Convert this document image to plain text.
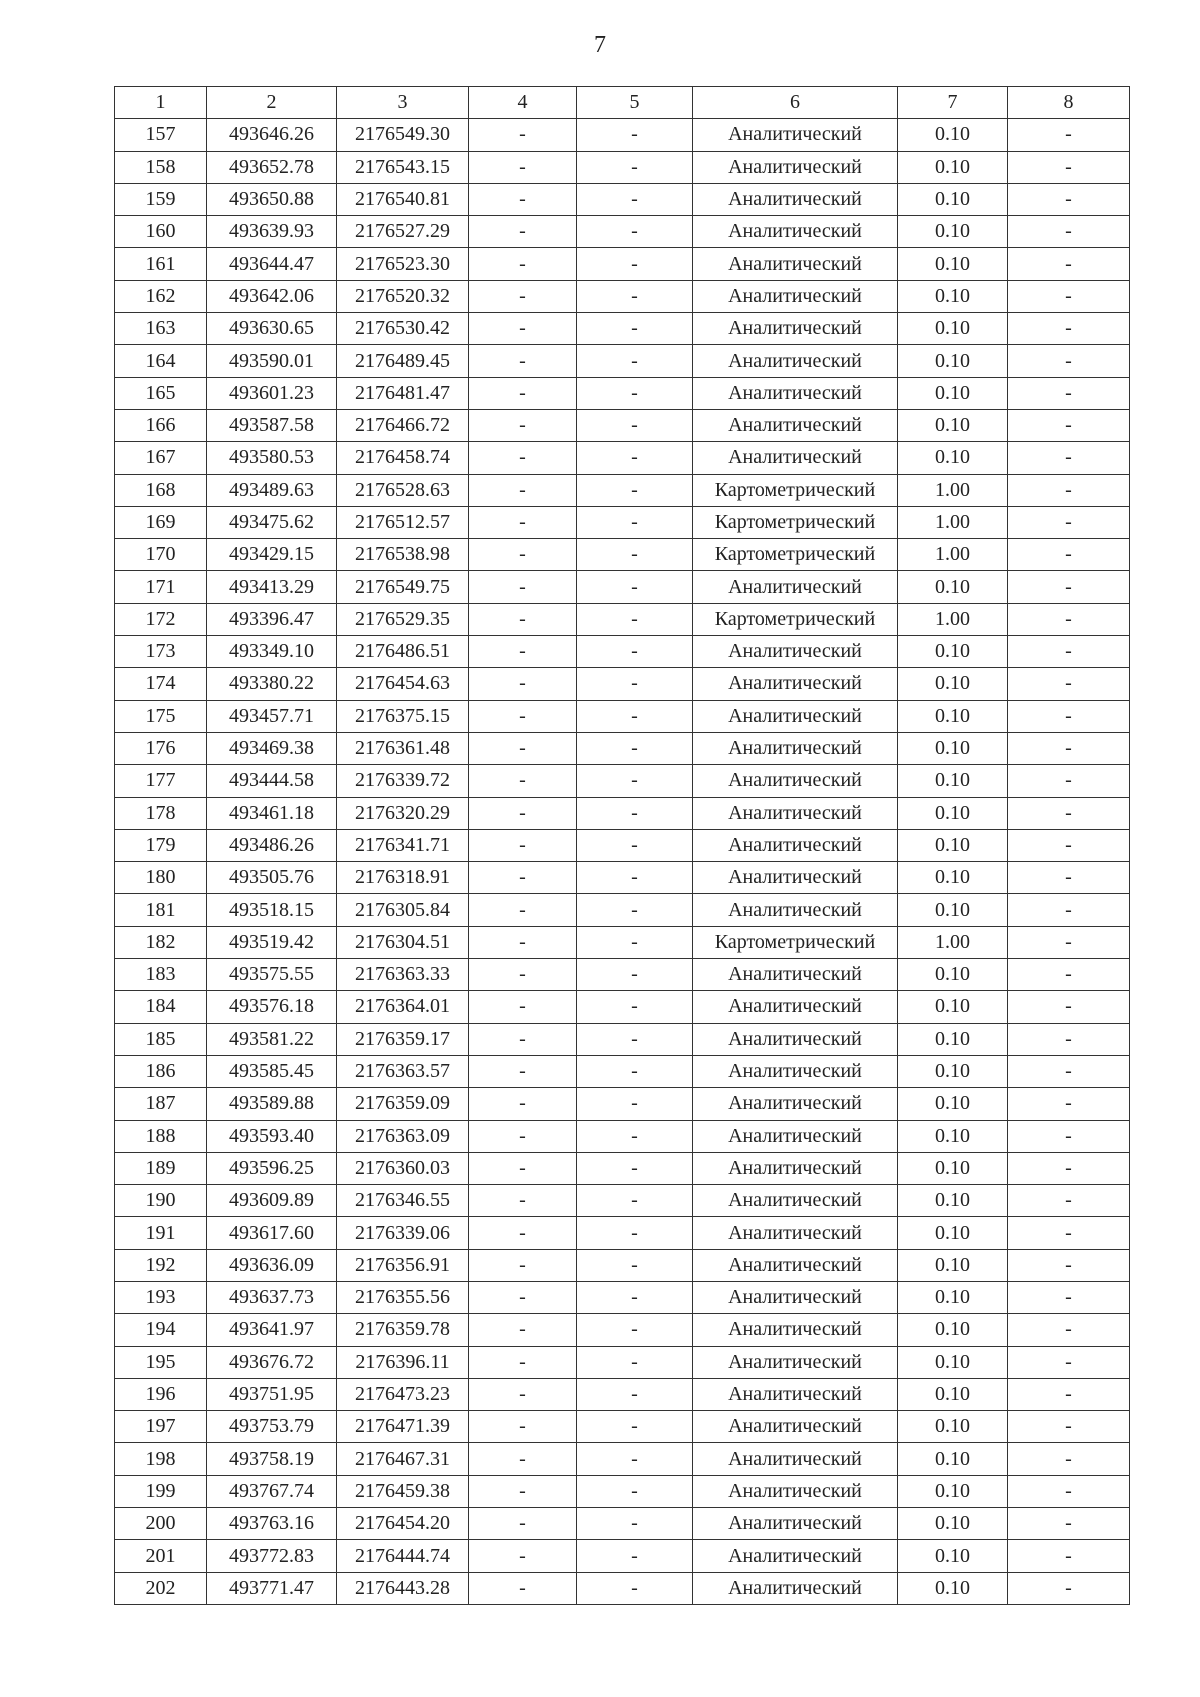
7
1	2	3	4	5	6	7	8
157	493646.26	2176549.30	-	-	Аналитический	0.10	-
158	493652.78	2176543.15	-	-	Аналитический	0.10	-
159	493650.88	2176540.81	-	-	Аналитический	0.10	-
160	493639.93	2176527.29	-	-	Аналитический	0.10	-
161	493644.47	2176523.30	-	-	Аналитический	0.10	-
162	493642.06	2176520.32	-	-	Аналитический	0.10	-
163	493630.65	2176530.42	-	-	Аналитический	0.10	-
164	493590.01	2176489.45	-	-	Аналитический	0.10	-
165	493601.23	2176481.47	-	-	Аналитический	0.10	-
166	493587.58	2176466.72	-	-	Аналитический	0.10	-
167	493580.53	2176458.74	-	-	Аналитический	0.10	-
168	493489.63	2176528.63	-	-	Картометрический	1.00	-
169	493475.62	2176512.57	-	-	Картометрический	1.00	-
170	493429.15	2176538.98	-	-	Картометрический	1.00	-
171	493413.29	2176549.75	-	-	Аналитический	0.10	-
172	493396.47	2176529.35	-	-	Картометрический	1.00	-
173	493349.10	2176486.51	-	-	Аналитический	0.10	-
174	493380.22	2176454.63	-	-	Аналитический	0.10	-
175	493457.71	2176375.15	-	-	Аналитический	0.10	-
176	493469.38	2176361.48	-	-	Аналитический	0.10	-
177	493444.58	2176339.72	-	-	Аналитический	0.10	-
178	493461.18	2176320.29	-	-	Аналитический	0.10	-
179	493486.26	2176341.71	-	-	Аналитический	0.10	-
180	493505.76	2176318.91	-	-	Аналитический	0.10	-
181	493518.15	2176305.84	-	-	Аналитический	0.10	-
182	493519.42	2176304.51	-	-	Картометрический	1.00	-
183	493575.55	2176363.33	-	-	Аналитический	0.10	-
184	493576.18	2176364.01	-	-	Аналитический	0.10	-
185	493581.22	2176359.17	-	-	Аналитический	0.10	-
186	493585.45	2176363.57	-	-	Аналитический	0.10	-
187	493589.88	2176359.09	-	-	Аналитический	0.10	-
188	493593.40	2176363.09	-	-	Аналитический	0.10	-
189	493596.25	2176360.03	-	-	Аналитический	0.10	-
190	493609.89	2176346.55	-	-	Аналитический	0.10	-
191	493617.60	2176339.06	-	-	Аналитический	0.10	-
192	493636.09	2176356.91	-	-	Аналитический	0.10	-
193	493637.73	2176355.56	-	-	Аналитический	0.10	-
194	493641.97	2176359.78	-	-	Аналитический	0.10	-
195	493676.72	2176396.11	-	-	Аналитический	0.10	-
196	493751.95	2176473.23	-	-	Аналитический	0.10	-
197	493753.79	2176471.39	-	-	Аналитический	0.10	-
198	493758.19	2176467.31	-	-	Аналитический	0.10	-
199	493767.74	2176459.38	-	-	Аналитический	0.10	-
200	493763.16	2176454.20	-	-	Аналитический	0.10	-
201	493772.83	2176444.74	-	-	Аналитический	0.10	-
202	493771.47	2176443.28	-	-	Аналитический	0.10	-
